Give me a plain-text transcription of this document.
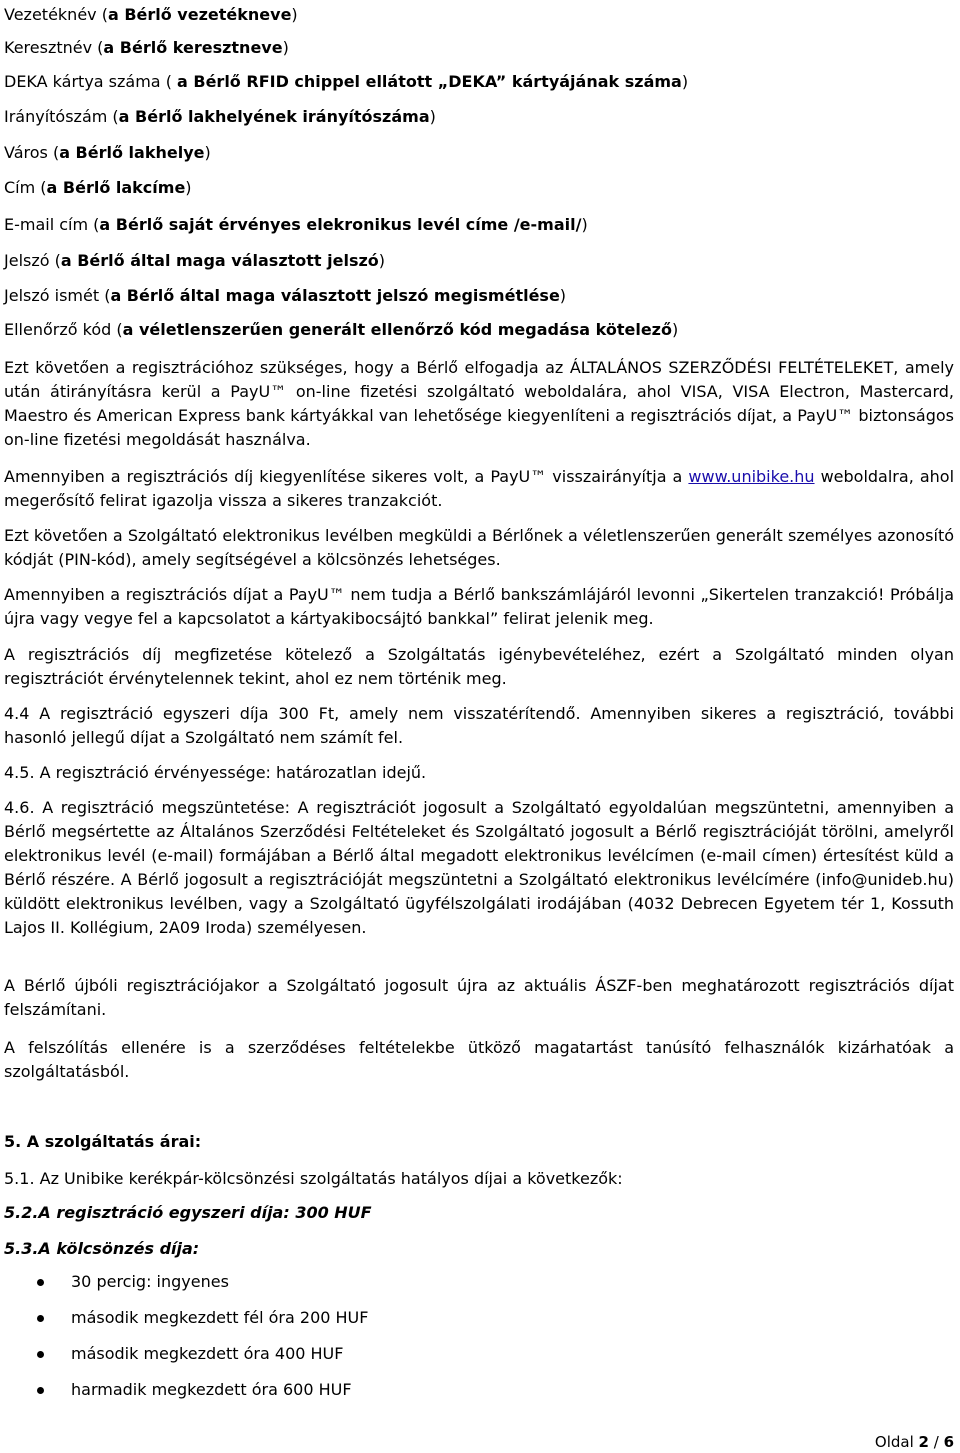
Vezetéknév (a Bérlő vezetékneve)
Keresztnév (a Bérlő keresztneve)
DEKA kártya száma ( a Bérlő RFID chippel ellátott „DEKA” kártyájának száma)
Irányítószám (a Bérlő lakhelyének irányítószáma)
Város (a Bérlő lakhelye)
Cím (a Bérlő lakcíme)
E-mail cím (a Bérlő saját érvényes elekronikus levél címe /e-mail/)
Jelszó (a Bérlő által maga választott jelszó)
Jelszó ismét (a Bérlő által maga választott jelszó megismétlése)
Ellenőrző kód (a véletlenszerűen generált ellenőrző kód megadása kötelező)

Ezt követően a regisztrációhoz szükséges, hogy a Bérlő elfogadja az ÁLTALÁNOS SZERZŐDÉSI FELTÉTELEKET, amely után átirányításra kerül a PayU™ on-line fizetési szolgáltató weboldalára, ahol VISA, VISA Electron, Mastercard, Maestro és American Express bank kártyákkal van lehetősége kiegyenlíteni a regisztrációs díjat, a PayU™ biztonságos on-line fizetési megoldását használva.

Amennyiben a regisztrációs díj kiegyenlítése sikeres volt, a PayU™ visszairányítja a www.unibike.hu weboldalra, ahol megerősítő felirat igazolja vissza a sikeres tranzakciót.

Ezt követően a Szolgáltató elektronikus levélben megküldi a Bérlőnek a véletlenszerűen generált személyes azonosító kódját (PIN-kód), amely segítségével a kölcsönzés lehetséges.

Amennyiben a regisztrációs díjat a PayU™ nem tudja a Bérlő bankszámlájáról levonni „Sikertelen tranzakció! Próbálja újra vagy vegye fel a kapcsolatot a kártyakibocsájtó bankkal” felirat jelenik meg.

A regisztrációs díj megfizetése kötelező a Szolgáltatás igénybevételéhez, ezért a Szolgáltató minden olyan regisztrációt érvénytelennek tekint, ahol ez nem történik meg.

4.4 A regisztráció egyszeri díja 300 Ft, amely nem visszatérítendő. Amennyiben sikeres a regisztráció, további hasonló jellegű díjat a Szolgáltató nem számít fel.

4.5. A regisztráció érvényessége: határozatlan idejű.

4.6. A regisztráció megszüntetése: A regisztrációt jogosult a Szolgáltató egyoldalúan megszüntetni, amennyiben a Bérlő megsértette az Általános Szerződési Feltételeket és Szolgáltató jogosult a Bérlő regisztrációját törölni, amelyről elektronikus levél (e-mail) formájában a Bérlő által megadott elektronikus levélcímen (e-mail címen) értesítést küld a Bérlő részére. A Bérlő jogosult a regisztrációját megszüntetni a Szolgáltató elektronikus levélcímére (info@unideb.hu) küldött elektronikus levélben, vagy a Szolgáltató ügyfélszolgálati irodájában (4032 Debrecen Egyetem tér 1, Kossuth Lajos II. Kollégium, 2A09 Iroda) személyesen.

A Bérlő újbóli regisztrációjakor a Szolgáltató jogosult újra az aktuális ÁSZF-ben meghatározott regisztrációs díjat felszámítani.

A felszólítás ellenére is a szerződéses feltételekbe ütköző magatartást tanúsító felhasználók kizárhatóak a szolgáltatásból.

5. A szolgáltatás árai:
5.1. Az Unibike kerékpár-kölcsönzési szolgáltatás hatályos díjai a következők:
5.2.A regisztráció egyszeri díja: 300 HUF
5.3.A kölcsönzés díja:
30 percig: ingyenes
második megkezdett fél óra 200 HUF
második megkezdett óra 400 HUF
harmadik megkezdett óra 600 HUF
Oldal 2 / 6
